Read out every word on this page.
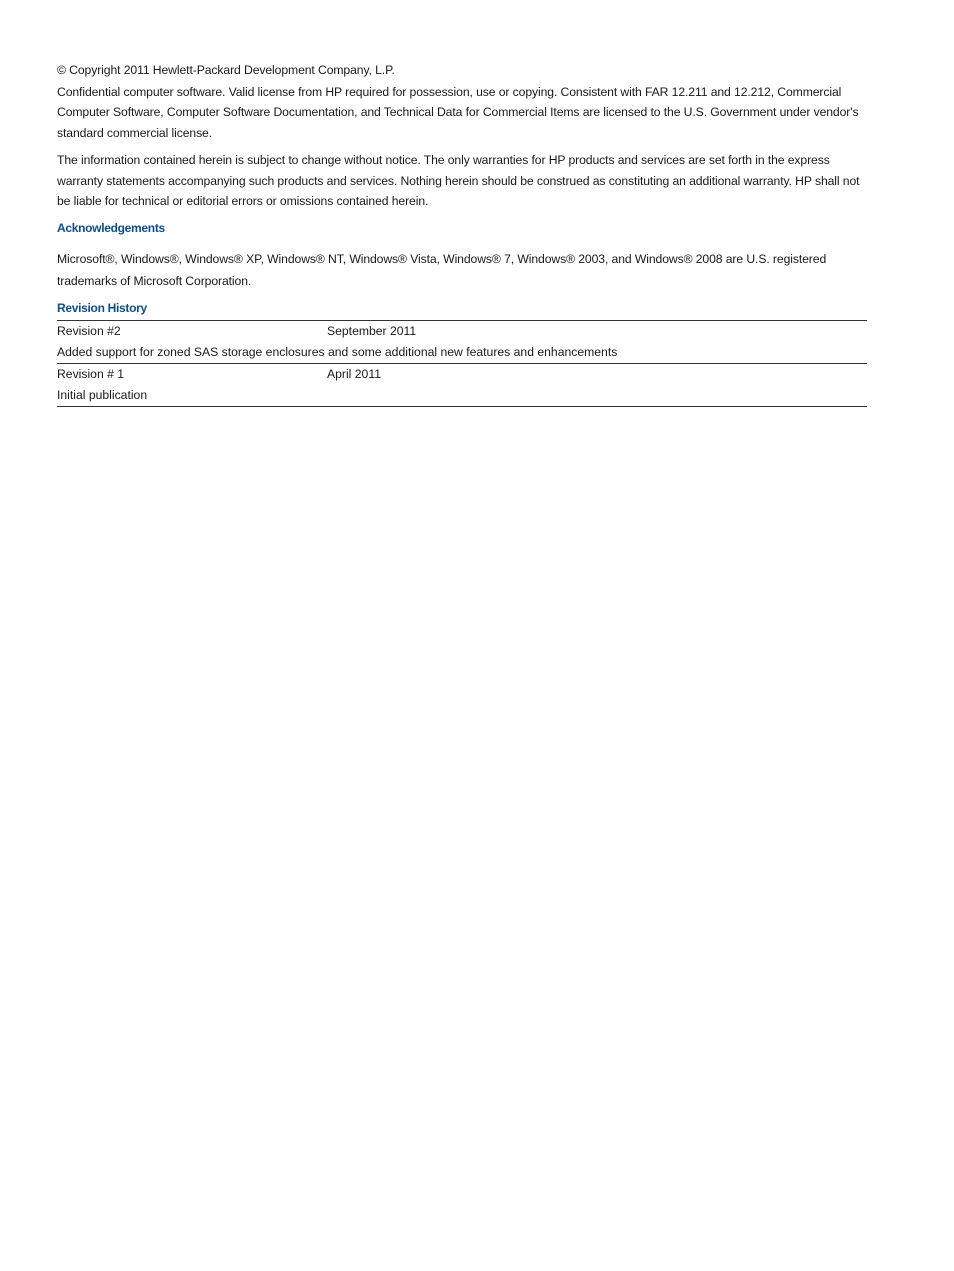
© Copyright 2011 Hewlett-Packard Development Company, L.P.

Confidential computer software. Valid license from HP required for possession, use or copying. Consistent with FAR 12.211 and 12.212, Commercial Computer Software, Computer Software Documentation, and Technical Data for Commercial Items are licensed to the U.S. Government under vendor's standard commercial license.

The information contained herein is subject to change without notice. The only warranties for HP products and services are set forth in the express warranty statements accompanying such products and services. Nothing herein should be construed as constituting an additional warranty. HP shall not be liable for technical or editorial errors or omissions contained herein.

Acknowledgements

Microsoft®, Windows®, Windows® XP, Windows® NT, Windows® Vista, Windows® 7, Windows® 2003, and Windows® 2008 are U.S. registered trademarks of Microsoft Corporation.

Revision History
Revision #2	September 2011
Added support for zoned SAS storage enclosures and some additional new features and enhancements
Revision # 1	April 2011
Initial publication
